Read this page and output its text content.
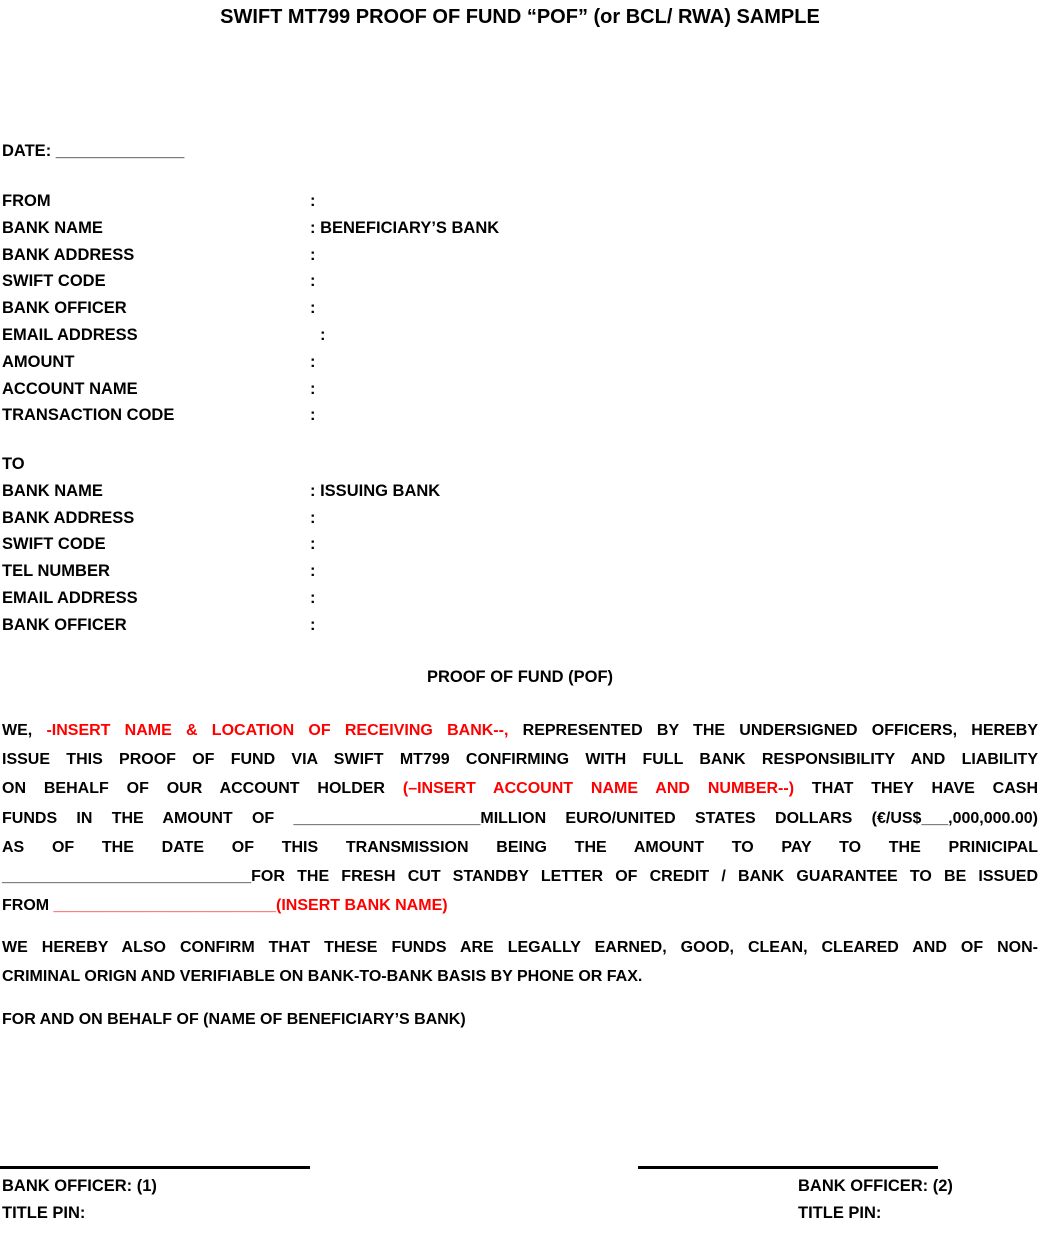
SWIFT MT799 PROOF OF FUND “POF” (or BCL/ RWA) SAMPLE
DATE: ______________
FROM	:
BANK NAME	: BENEFICIARY’S BANK
BANK ADDRESS	:
SWIFT CODE	:
BANK OFFICER	:
EMAIL ADDRESS	:
AMOUNT	:
ACCOUNT NAME	:
TRANSACTION CODE	:
TO
BANK NAME	: ISSUING BANK
BANK ADDRESS	:
SWIFT CODE	:
TEL NUMBER	:
EMAIL ADDRESS	:
BANK OFFICER	:
PROOF OF FUND (POF)
WE, -INSERT NAME & LOCATION OF RECEIVING BANK--, REPRESENTED BY THE UNDERSIGNED OFFICERS, HEREBY
ISSUE THIS PROOF OF FUND VIA SWIFT MT799 CONFIRMING WITH FULL BANK RESPONSIBILITY AND LIABILITY
ON BEHALF OF OUR ACCOUNT HOLDER (–INSERT ACCOUNT NAME AND NUMBER--) THAT THEY HAVE CASH
FUNDS IN THE AMOUNT OF _____________________MILLION EURO/UNITED STATES DOLLARS (€/US$___,000,000.00)
AS OF THE DATE OF THIS TRANSMISSION BEING THE AMOUNT TO PAY TO THE PRINICIPAL
____________________________FOR THE FRESH CUT STANDBY LETTER OF CREDIT / BANK GUARANTEE TO BE ISSUED
FROM _________________________(INSERT BANK NAME)
WE HEREBY ALSO CONFIRM THAT THESE FUNDS ARE LEGALLY EARNED, GOOD, CLEAN, CLEARED AND OF NON-
CRIMINAL ORIGN AND VERIFIABLE ON BANK-TO-BANK BASIS BY PHONE OR FAX.
FOR AND ON BEHALF OF (NAME OF BENEFICIARY’S BANK)
BANK OFFICER: (1)
TITLE PIN:
BANK OFFICER: (2)
TITLE PIN:
